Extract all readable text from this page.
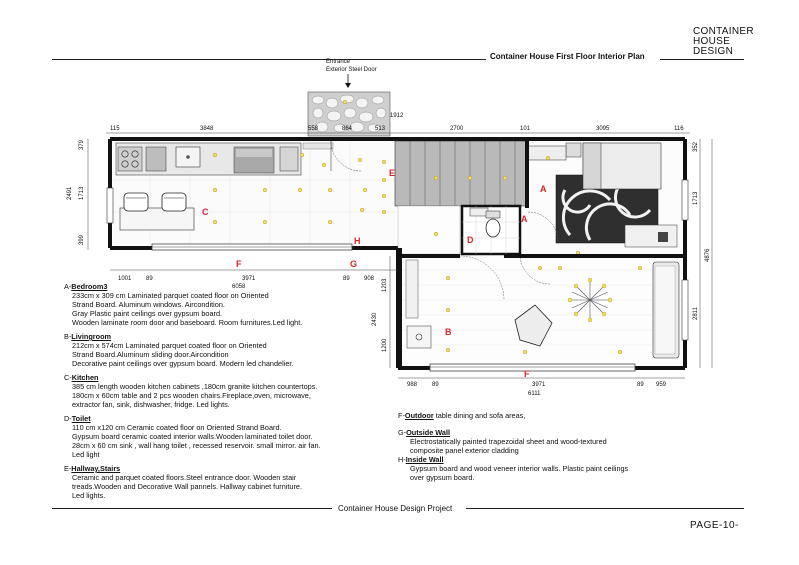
CONTAINER
HOUSE
DESIGN
Container House First Floor Interior Plan
Entrance
Exterior Steel Door
115	3848	558	864	513
1912
2700	101	3095	116
379
1713
2491
399
352
1713
4876
2811
1203
2430
1200
1001 89	3971	89 908
6058
988 89	3971	89 959
6111
A
A
B
C
D
E
F
F
G
H
A-Bedroom3
233cm x 309 cm Laminated parquet coated floor on Oriented
Strand Board. Aluminum windows. Aircondition.
Gray Plastic paint ceilings over gypsum board.
Wooden laminate room door and baseboard. Room furnitures.Led light.
B-Livingroom
212cm x 574cm Laminated parquet coated floor on Oriented
Strand Board.Aluminum sliding door.Aircondition
Decorative paint ceilings over gypsum board. Modern led chandelier.
C-Kitchen
385 cm length wooden kitchen cabinets ,180cm granite kitchen countertops.
180cm x 60cm table and 2 pcs wooden chairs.Fireplace,oven, microwave,
extractor fan, sink, dishwasher, fridge. Led lights.
D-Toilet
110 cm x120 cm Ceramic coated floor on Oriented Strand Board.
Gypsum board ceramic coated interior walls.Wooden laminated toilet door.
28cm x 60 cm sink , wall hang toilet , recessed reservoir. small mirror. air fan.
Led light
E-Hallway,Stairs
Ceramic and parquet coated floors.Steel entrance door. Wooden stair
treads.Wooden and Decorative Wall pannels. Hallway cabinet furniture.
Led lights.
F-Outdoor table dining and sofa areas,
G-Outside Wall
Electrostatically painted trapezoidal sheet and wood-textured
composite panel exterior cladding
H-Inside Wall
Gypsum board and wood veneer interior walls. Plastic paint ceilings
over gypsum board.
Container House Design Project
PAGE-10-
